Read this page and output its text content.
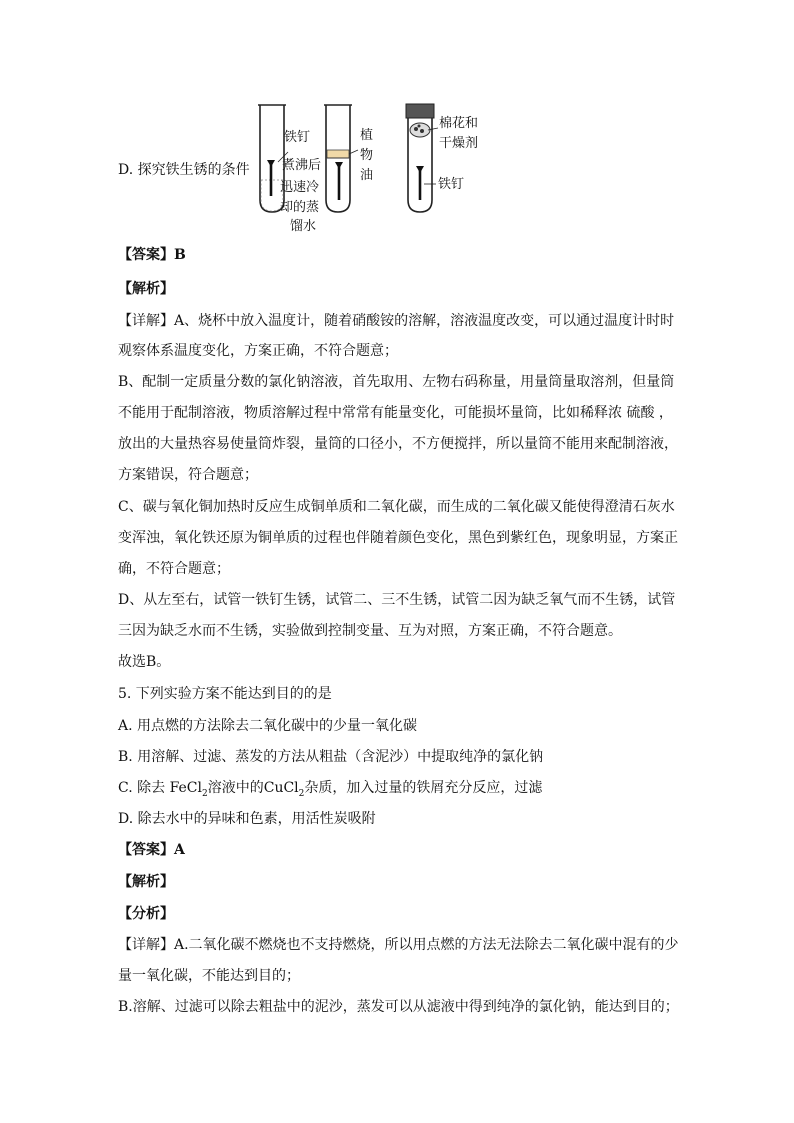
D. 探究铁生锈的条件
铁钉
煮沸后
迅速冷
却的蒸
馏水
植
物
油
棉花和
干燥剂
铁钉
【答案】B
【解析】
【详解】A、烧杯中放入温度计，随着硝酸铵的溶解，溶液温度改变，可以通过温度计时时
观察体系温度变化，方案正确，不符合题意；
B、配制一定质量分数的氯化钠溶液，首先取用、左物右码称量，用量筒量取溶剂，但量筒
不能用于配制溶液，物质溶解过程中常常有能量变化，可能损坏量筒，比如稀释浓 硫酸 ，
放出的大量热容易使量筒炸裂，量筒的口径小，不方便搅拌，所以量筒不能用来配制溶液，
方案错误，符合题意；
C、碳与氧化铜加热时反应生成铜单质和二氧化碳，而生成的二氧化碳又能使得澄清石灰水
变浑浊，氧化铁还原为铜单质的过程也伴随着颜色变化，黑色到紫红色，现象明显，方案正
确，不符合题意；
D、从左至右，试管一铁钉生锈，试管二、三不生锈，试管二因为缺乏氧气而不生锈，试管
三因为缺乏水而不生锈，实验做到控制变量、互为对照，方案正确，不符合题意。
故选B。
5. 下列实验方案不能达到目的的是
A. 用点燃的方法除去二氧化碳中的少量一氧化碳
B. 用溶解、过滤、蒸发的方法从粗盐（含泥沙）中提取纯净的氯化钠
C. 除去 FeCl$_2$溶液中的CuCl$_2$杂质，加入过量的铁屑充分反应，过滤
D. 除去水中的异味和色素，用活性炭吸附
【答案】A
【解析】
【分析】
【详解】A.二氧化碳不燃烧也不支持燃烧，所以用点燃的方法无法除去二氧化碳中混有的少
量一氧化碳，不能达到目的；
B.溶解、过滤可以除去粗盐中的泥沙，蒸发可以从滤液中得到纯净的氯化钠，能达到目的；
